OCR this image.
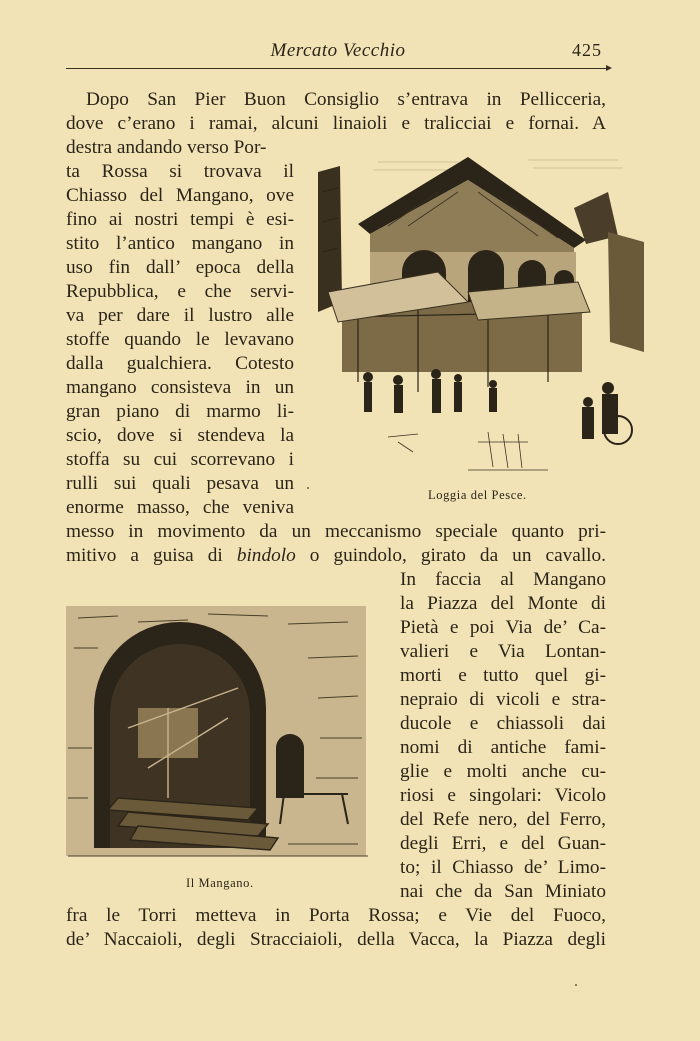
Mercato Vecchio	425
Dopo San Pier Buon Consiglio s’entrava in Pellicceria,
dove c’erano i ramai, alcuni linaioli e tralicciai e fornai. A
destra andando verso Por-
ta Rossa si trovava il
Chiasso del Mangano, ove
fino ai nostri tempi è esi-
stito l’antico mangano in
uso fin dall’ epoca della
Repubblica, e che servi-
va per dare il lustro alle
stoffe quando le levavano
dalla gualchiera. Cotesto
mangano consisteva in un
gran piano di marmo li-
scio, dove si stendeva la
stoffa su cui scorrevano i
rulli sui quali pesava un
enorme masso, che veniva
messo in movimento da un meccanismo speciale quanto pri-
mitivo a guisa di bindolo o guindolo, girato da un cavallo.
In faccia al Mangano
la Piazza del Monte di
Pietà e poi Via de’ Ca-
valieri e Via Lontan-
morti e tutto quel gi-
nepraio di vicoli e stra-
ducole e chiassoli dai
nomi di antiche fami-
glie e molti anche cu-
riosi e singolari: Vicolo
del Refe nero, del Ferro,
degli Erri, e del Guan-
to; il Chiasso de’ Limo-
nai che da San Miniato
fra le Torri metteva in Porta Rossa; e Vie del Fuoco,
de’ Naccaioli, degli Stracciaioli, della Vacca, la Piazza degli
Loggia del Pesce.
Il Mangano.
